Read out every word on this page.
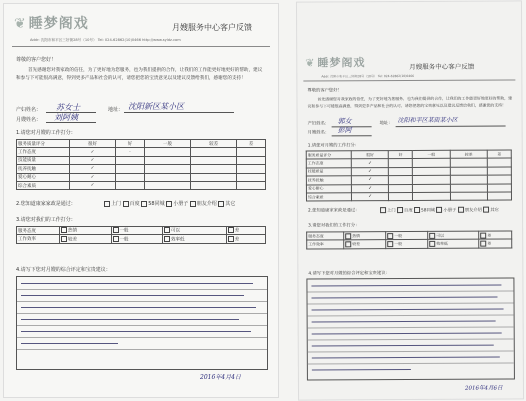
❦ 睡梦阁戏	月嫂服务中心客户反馈
Addr: 沈阳市和平区三好街28号（10号） Tel: 024-62862(10)0466 http://www.syldz.com
尊敬的客户您好！
首先感谢您对我家政的信任，为了更好地为您服务，也为我们提供的合作，让我们的工作能更好地更好的帮助，建议和参与下可能很高满意，得到更多产品和社会的认可，请您把您的宝贵意见以及建议反馈给我们，感谢您的支持！
产妇姓名： 苏女士
月嫂姓名： 刘阿姨
地址： 沈阳新区某小区
1.请您对月嫂的工作打分：
服务质量评分	很好	好	一般	较差	差
工作态度	✓	·			
技能质量	✓				
抚养抚触	✓				
爱心耐心	✓				
综合素质	✓				
2.您知道康家家政是通过：	上门 百度 58同城 小册子 朋友介绍 其它
3.请您对我们的工作打分：
服务态度	热情	一般	可以	差
工作效率	较差	一般	效率低	差
4.请写下您对月嫂的综合评定和宝贵建议：
2016年4月4日
❦ 睡梦阁戏	月嫂服务中心客户反馈
Addr: 沈阳市和平区三好街28号（10号） Tel: 024-62862(10)0466
尊敬的客户您好！
首先感谢您对我家政的信任，为了更好地为您服务，也为我们提供的合作，让我们的工作能更好地更好的帮助，建议和参与下可能很高满意，得到更多产品和社会的认可，请您把您的宝贵意见以及建议反馈给我们，感谢您的支持！
产妇姓名： 郭女
月嫂姓名： 彭阿
地址： 沈阳和平区某街某小区
1.请您对月嫂的工作打分：
服务质量评分	很好	好	一般	较差	差
工作态度	✓				
技能质量	✓				
抚养抚触	✓				
爱心耐心	✓				
综合素质	✓				
2.您知道康家家政是通过：	上门 百度 58同城 小册子 朋友介绍 其它
3.请您对我们的工作打分：
服务态度	热情	一般	可以	差
工作效率	较差	一般	效率低	差
4.请写下您对月嫂的综合评定和宝贵建议：
2016年4月6日
